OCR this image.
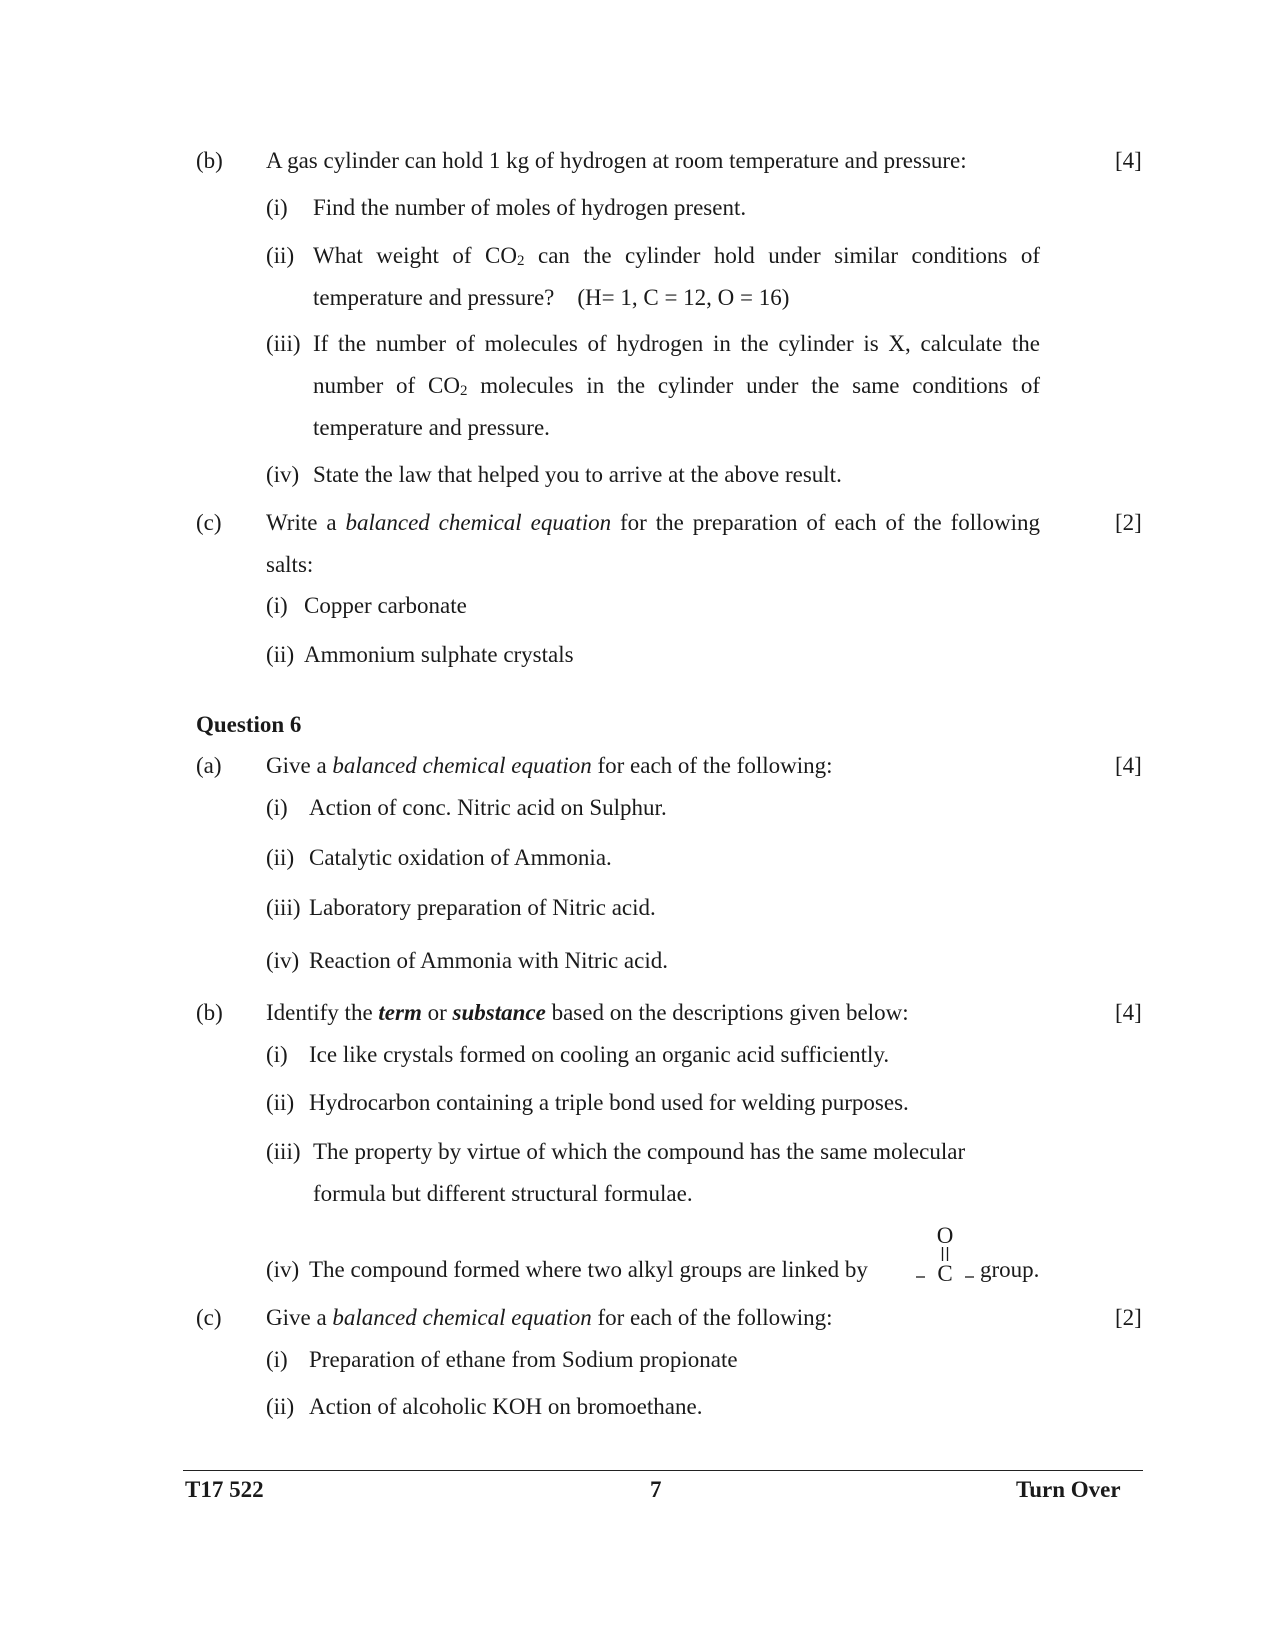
(b) A gas cylinder can hold 1 kg of hydrogen at room temperature and pressure:	[4]
(i) Find the number of moles of hydrogen present.
(ii) What weight of $CO_2$ can the cylinder hold under similar conditions of
temperature and pressure?    (H= 1, C = 12, O = 16)
(iii) If the number of molecules of hydrogen in the cylinder is X, calculate the
number of $CO_2$ molecules in the cylinder under the same conditions of
temperature and pressure.
(iv) State the law that helped you to arrive at the above result.
(c) Write a balanced chemical equation for the preparation of each of the following	[2]
salts:
(i) Copper carbonate
(ii) Ammonium sulphate crystals
Question 6
(a) Give a balanced chemical equation for each of the following:	[4]
(i) Action of conc. Nitric acid on Sulphur.
(ii) Catalytic oxidation of Ammonia.
(iii) Laboratory preparation of Nitric acid.
(iv) Reaction of Ammonia with Nitric acid.
(b) Identify the term or substance based on the descriptions given below:	[4]
(i) Ice like crystals formed on cooling an organic acid sufficiently.
(ii) Hydrocarbon containing a triple bond used for welding purposes.
(iii) The property by virtue of which the compound has the same molecular
formula but different structural formulae.
(iv) The compound formed where two alkyl groups are linked by
O
C group.
(c) Give a balanced chemical equation for each of the following:	[2]
(i) Preparation of ethane from Sodium propionate
(ii) Action of alcoholic KOH on bromoethane.
T17 522	7	Turn Over
